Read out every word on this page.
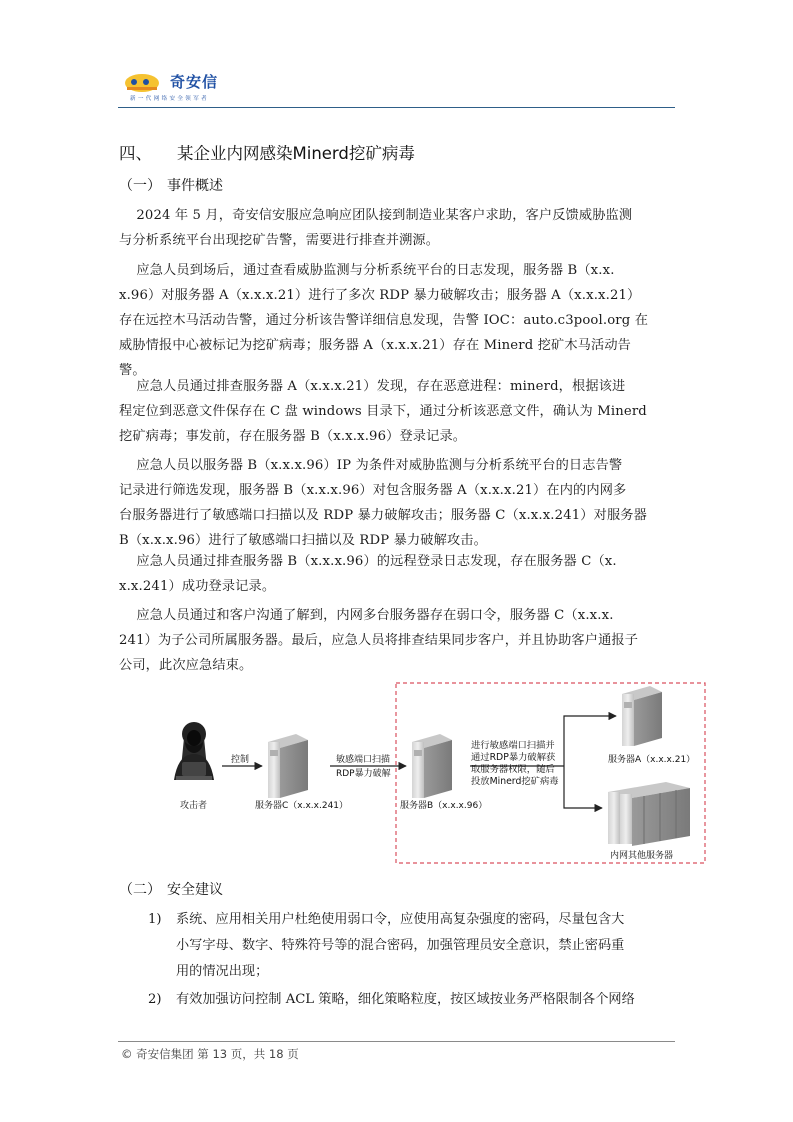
奇安信
新一代网络安全领军者
四、 某企业内网感染Minerd挖矿病毒
（一） 事件概述
2024 年 5 月，奇安信安服应急响应团队接到制造业某客户求助，客户反馈威胁监测
与分析系统平台出现挖矿告警，需要进行排查并溯源。
应急人员到场后，通过查看威胁监测与分析系统平台的日志发现，服务器 B（x.x.
x.96）对服务器 A（x.x.x.21）进行了多次 RDP 暴力破解攻击；服务器 A（x.x.x.21）
存在远控木马活动告警，通过分析该告警详细信息发现，告警 IOC：auto.c3pool.org 在
威胁情报中心被标记为挖矿病毒；服务器 A（x.x.x.21）存在 Minerd 挖矿木马活动告
警。
应急人员通过排查服务器 A（x.x.x.21）发现，存在恶意进程：minerd，根据该进
程定位到恶意文件保存在 C 盘 windows 目录下，通过分析该恶意文件，确认为 Minerd
挖矿病毒；事发前，存在服务器 B（x.x.x.96）登录记录。
应急人员以服务器 B（x.x.x.96）IP 为条件对威胁监测与分析系统平台的日志告警
记录进行筛选发现，服务器 B（x.x.x.96）对包含服务器 A（x.x.x.21）在内的内网多
台服务器进行了敏感端口扫描以及 RDP 暴力破解攻击；服务器 C（x.x.x.241）对服务器
B（x.x.x.96）进行了敏感端口扫描以及 RDP 暴力破解攻击。
应急人员通过排查服务器 B（x.x.x.96）的远程登录日志发现，存在服务器 C（x.
x.x.241）成功登录记录。
应急人员通过和客户沟通了解到，内网多台服务器存在弱口令，服务器 C（x.x.x.
241）为子公司所属服务器。最后，应急人员将排查结果同步客户，并且协助客户通报子
公司，此次应急结束。
攻击者
控制
服务器C（x.x.x.241）
敏感端口扫描
RDP暴力破解
服务器B（x.x.x.96）
进行敏感端口扫描并
通过RDP暴力破解获
取服务器权限，随后
投放Minerd挖矿病毒
服务器A（x.x.x.21）
内网其他服务器
（二） 安全建议

1)

系统、应用相关用户杜绝使用弱口令，应使用高复杂强度的密码，尽量包含大
小写字母、数字、特殊符号等的混合密码，加强管理员安全意识，禁止密码重
用的情况出现；

2)

有效加强访问控制 ACL 策略，细化策略粒度，按区域按业务严格限制各个网络

© 奇安信集团 第 13 页，共 18 页
